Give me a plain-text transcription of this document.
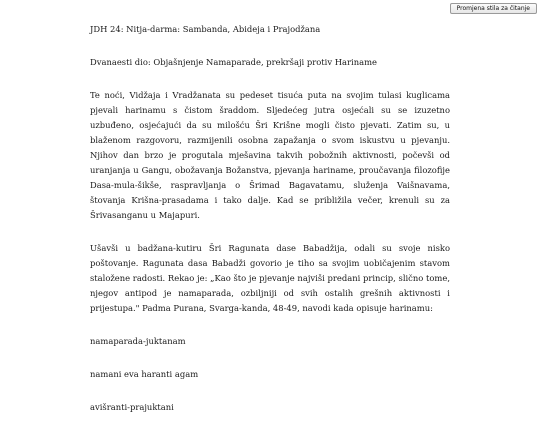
Promjena stila za čitanje

JDH 24: Nitja-darma: Sambanda, Abideja i Prajodžana

Dvanaesti dio: Objašnjenje Namaparade, prekršaji protiv Hariname

Te noći, Vidžaja i Vradžanata su pedeset tisuća puta na svojim tulasi kuglicama pjevali harinamu s čistom šraddom. Sljedećeg jutra osjećali su se izuzetno uzbuđeno, osjećajući da su milošću Šri Krišne mogli čisto pjevati. Zatim su, u blaženom razgovoru, razmijenili osobna zapažanja o svom iskustvu u pjevanju. Njihov dan brzo je progutala mješavina takvih pobožnih aktivnosti, počevši od uranjanja u Gangu, obožavanja Božanstva, pjevanja harinamе, proučavanja filozofije Dasa-mula-šikše, raspravljanja o Šrimad Bagavatamu, služenja Vaišnavama, štovanja Krišna-prasadama i tako dalje. Kad se približila večer, krenuli su za Šrivasanganu u Majapuri.

Ušavši u badžana-kutiru Šri Ragunata dase Babadžija, odali su svoje nisko poštovanje. Ragunata dasa Babadži govorio je tiho sa svojim uobičajenim stavom staložene radosti. Rekao je: „Kao što je pjevanje najviši predani princip, slično tome, njegov antipod je namaparada, ozbiljniji od svih ostalih grešnih aktivnosti i prijestupa." Padma Purana, Svarga-kanda, 48-49, navodi kada opisuje harinamu:

namaparada-juktanam

namani eva haranti agam

avišranti-prajuktani
